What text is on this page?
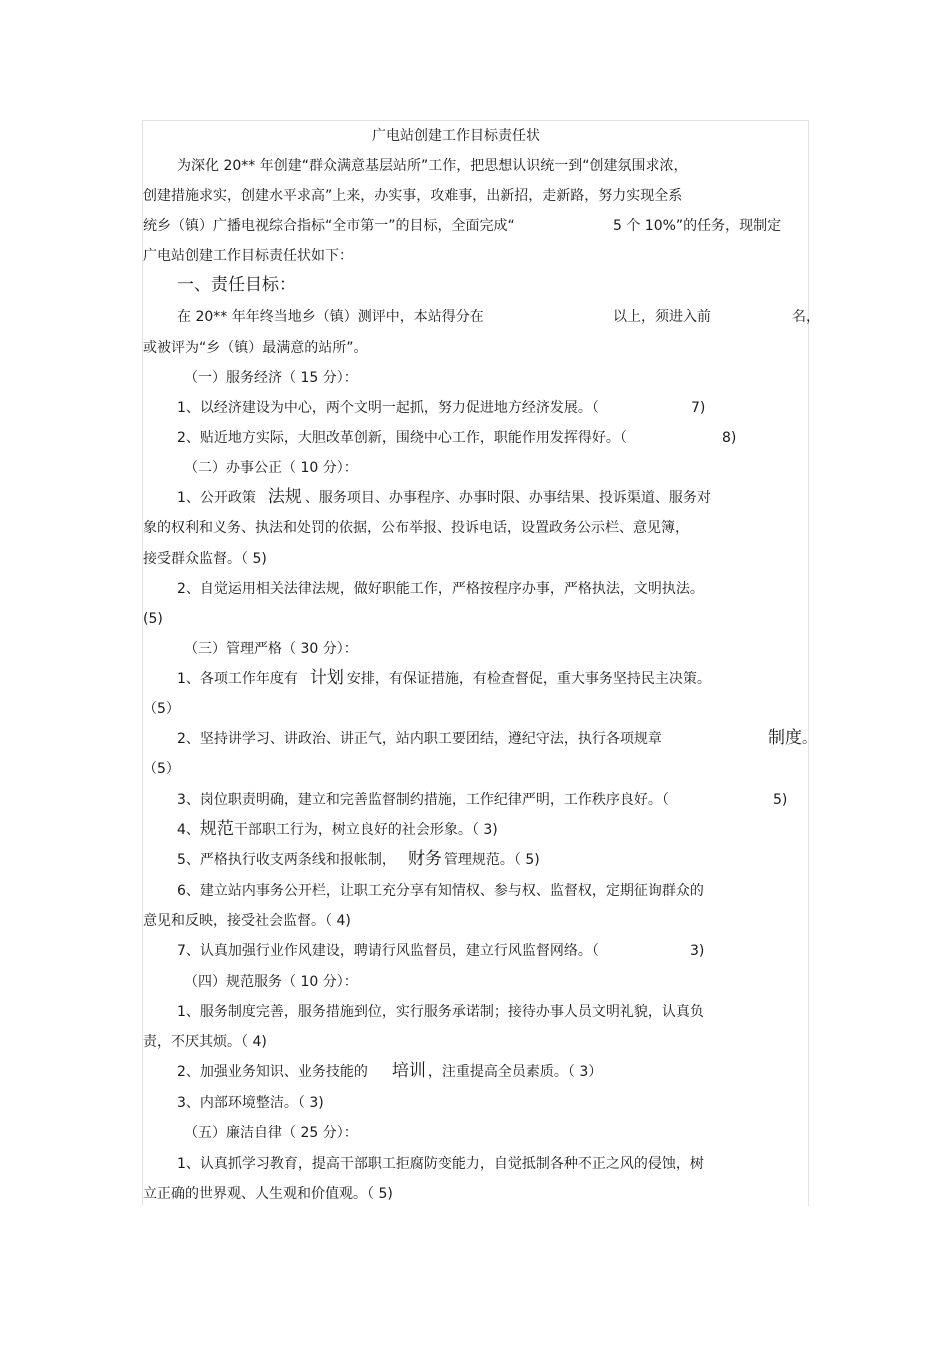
广电站创建工作目标责任状
为深化 20** 年创建“群众满意基层站所”工作，把思想认识统一到“创建氛围求浓，
创建措施求实，创建水平求高”上来，办实事，攻难事，出新招，走新路，努力实现全系
统乡（镇）广播电视综合指标“全市第一”的目标，全面完成“	5 个 10%”的任务，现制定
广电站创建工作目标责任状如下：
一、责任目标：
在 20** 年年终当地乡（镇）测评中，本站得分在	以上，须进入前	名，
或被评为“乡（镇）最满意的站所”。
（一）服务经济（ 15 分）：
1、以经济建设为中心，两个文明一起抓，努力促进地方经济发展。（	7)
2、贴近地方实际，大胆改革创新，围绕中心工作，职能作用发挥得好。（	8)
（二）办事公正（ 10 分）：
1、公开政策 法规 、服务项目、办事程序、办事时限、办事结果、投诉渠道、服务对
象的权利和义务、执法和处罚的依据，公布举报、投诉电话，设置政务公示栏、意见簿，
接受群众监督。（ 5)
2、自觉运用相关法律法规，做好职能工作，严格按程序办事，严格执法，文明执法。
(5)
（三）管理严格（ 30 分）：
1、各项工作年度有 计划 安排，有保证措施，有检查督促，重大事务坚持民主决策。
（5）
2、坚持讲学习、讲政治、讲正气，站内职工要团结，遵纪守法，执行各项规章	制度。
（5）
3、岗位职责明确，建立和完善监督制约措施，工作纪律严明，工作秩序良好。（	5)
4、规范干部职工行为，树立良好的社会形象。（ 3)
5、严格执行收支两条线和报帐制， 财务 管理规范。（ 5)
6、建立站内事务公开栏，让职工充分享有知情权、参与权、监督权，定期征询群众的
意见和反映，接受社会监督。（ 4)
7、认真加强行业作风建设，聘请行风监督员，建立行风监督网络。（	3)
（四）规范服务（ 10 分）：
1、服务制度完善，服务措施到位，实行服务承诺制；接待办事人员文明礼貌，认真负
责，不厌其烦。（ 4)
2、加强业务知识、业务技能的 培训 ，注重提高全员素质。（ 3）
3、内部环境整洁。（ 3)
（五）廉洁自律（ 25 分）：
1、认真抓学习教育，提高干部职工拒腐防变能力，自觉抵制各种不正之风的侵蚀，树
立正确的世界观、人生观和价值观。（ 5)
